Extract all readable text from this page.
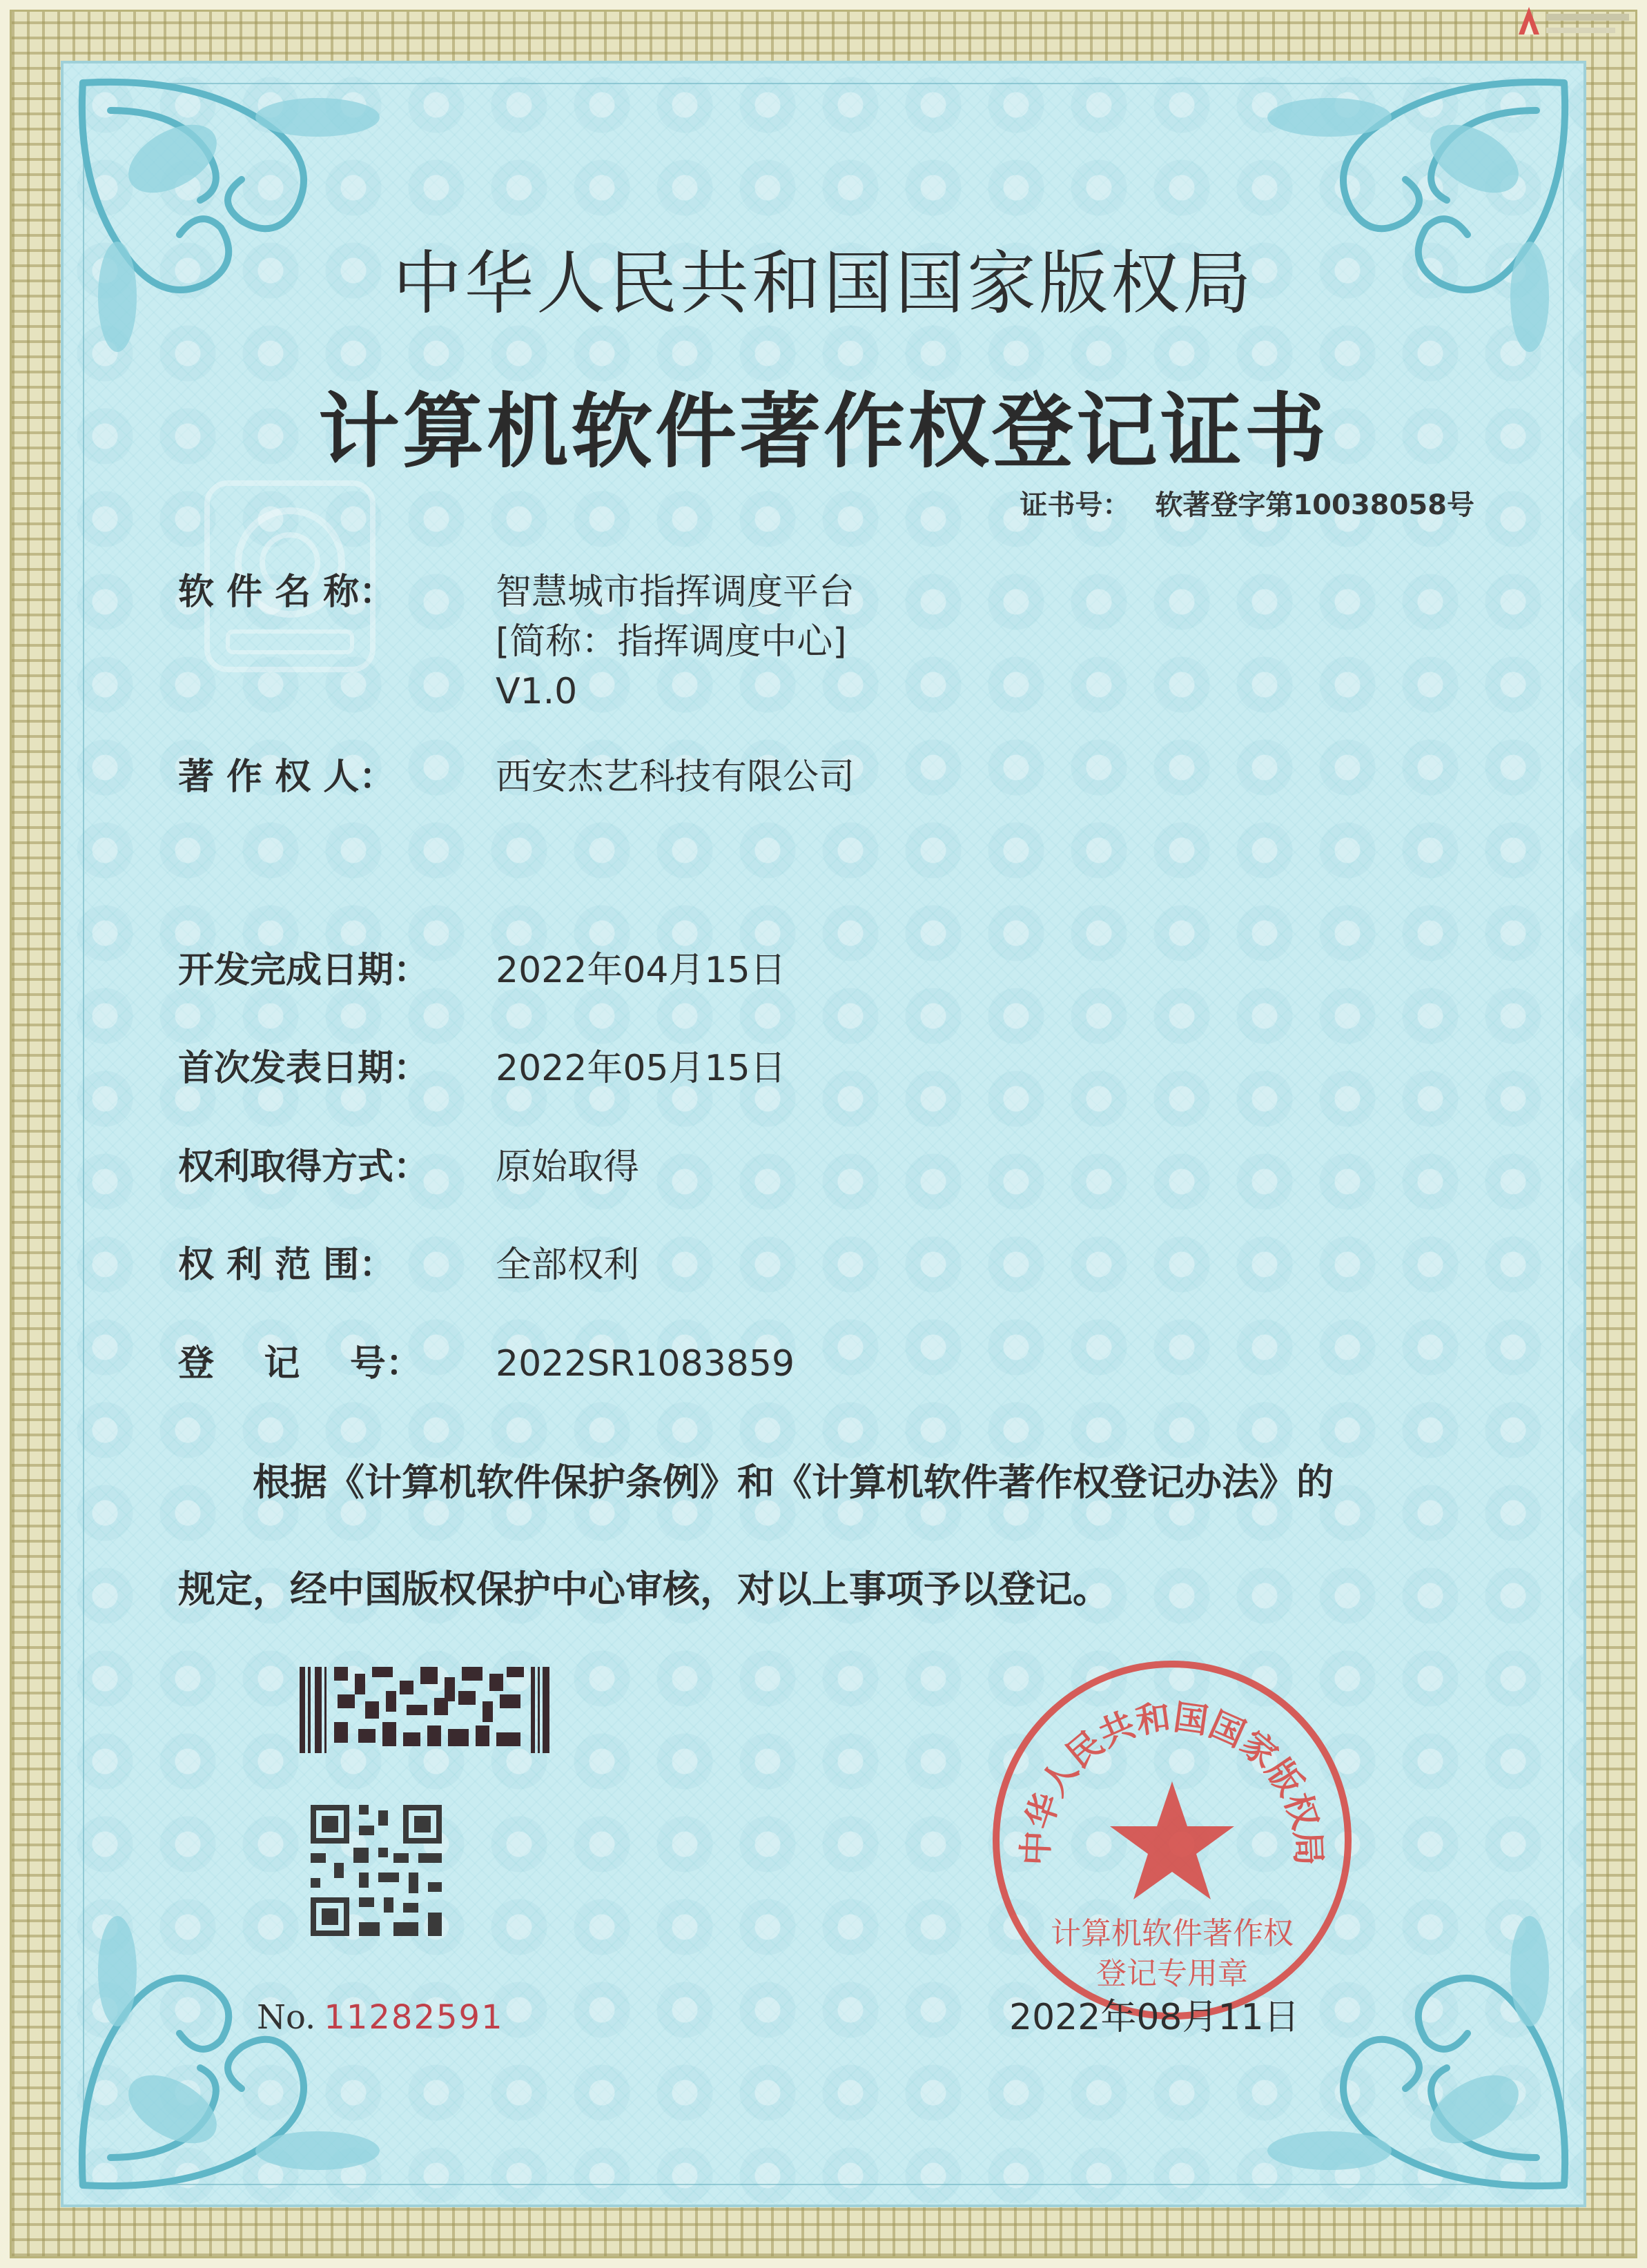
中华人民共和国国家版权局
计算机软件著作权登记证书
证书号： 软著登字第10038058号
软 件 名 称：	智慧城市指挥调度平台
[简称：指挥调度中心]
V1.0
著 作 权 人：	西安杰艺科技有限公司
开发完成日期： 2022年04月15日
首次发表日期： 2022年05月15日
权利取得方式： 原始取得
权 利 范 围：	全部权利
登    记    号： 2022SR1083859

根据《计算机软件保护条例》和《计算机软件著作权登记办法》的

规定，经中国版权保护中心审核，对以上事项予以登记。

No. 11282591
中华人民共和国国家版权局
计算机软件著作权
登记专用章
2022年08月11日
